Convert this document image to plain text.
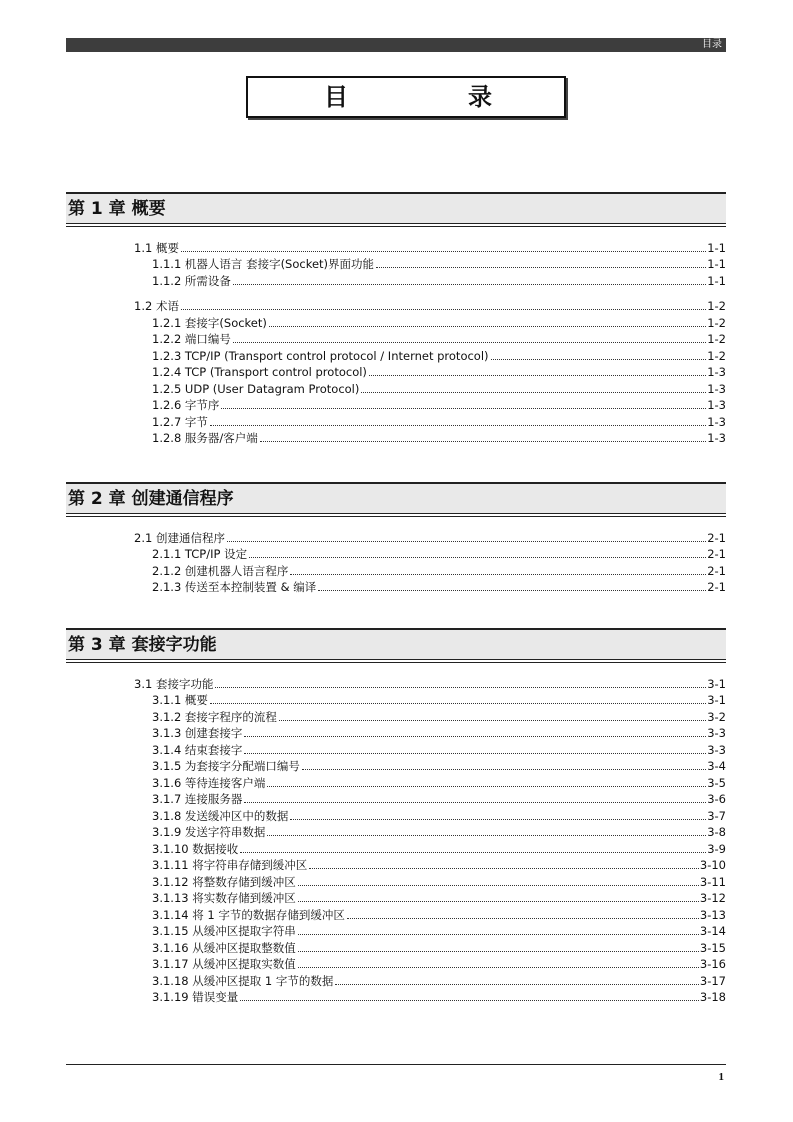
目录
目	录
第 1 章 概要
1.1 概要	1-1
1.1.1 机器人语言 套接字(Socket)界面功能	1-1
1.1.2 所需设备	1-1
1.2 术语	1-2
1.2.1 套接字(Socket)	1-2
1.2.2 端口编号	1-2
1.2.3 TCP/IP (Transport control protocol / Internet protocol)	1-2
1.2.4 TCP (Transport control protocol)	1-3
1.2.5 UDP (User Datagram Protocol)	1-3
1.2.6 字节序	1-3
1.2.7 字节	1-3
1.2.8 服务器/客户端	1-3
第 2 章 创建通信程序
2.1 创建通信程序	2-1
2.1.1 TCP/IP 设定	2-1
2.1.2 创建机器人语言程序	2-1
2.1.3 传送至本控制装置 & 编译	2-1
第 3 章 套接字功能
3.1 套接字功能	3-1
3.1.1 概要	3-1
3.1.2 套接字程序的流程	3-2
3.1.3 创建套接字	3-3
3.1.4 结束套接字	3-3
3.1.5 为套接字分配端口编号	3-4
3.1.6 等待连接客户端	3-5
3.1.7 连接服务器	3-6
3.1.8 发送缓冲区中的数据	3-7
3.1.9 发送字符串数据	3-8
3.1.10 数据接收	3-9
3.1.11 将字符串存储到缓冲区	3-10
3.1.12 将整数存储到缓冲区	3-11
3.1.13 将实数存储到缓冲区	3-12
3.1.14 将 1 字节的数据存储到缓冲区	3-13
3.1.15 从缓冲区提取字符串	3-14
3.1.16 从缓冲区提取整数值	3-15
3.1.17 从缓冲区提取实数值	3-16
3.1.18 从缓冲区提取 1 字节的数据	3-17
3.1.19 错误变量	3-18
1
